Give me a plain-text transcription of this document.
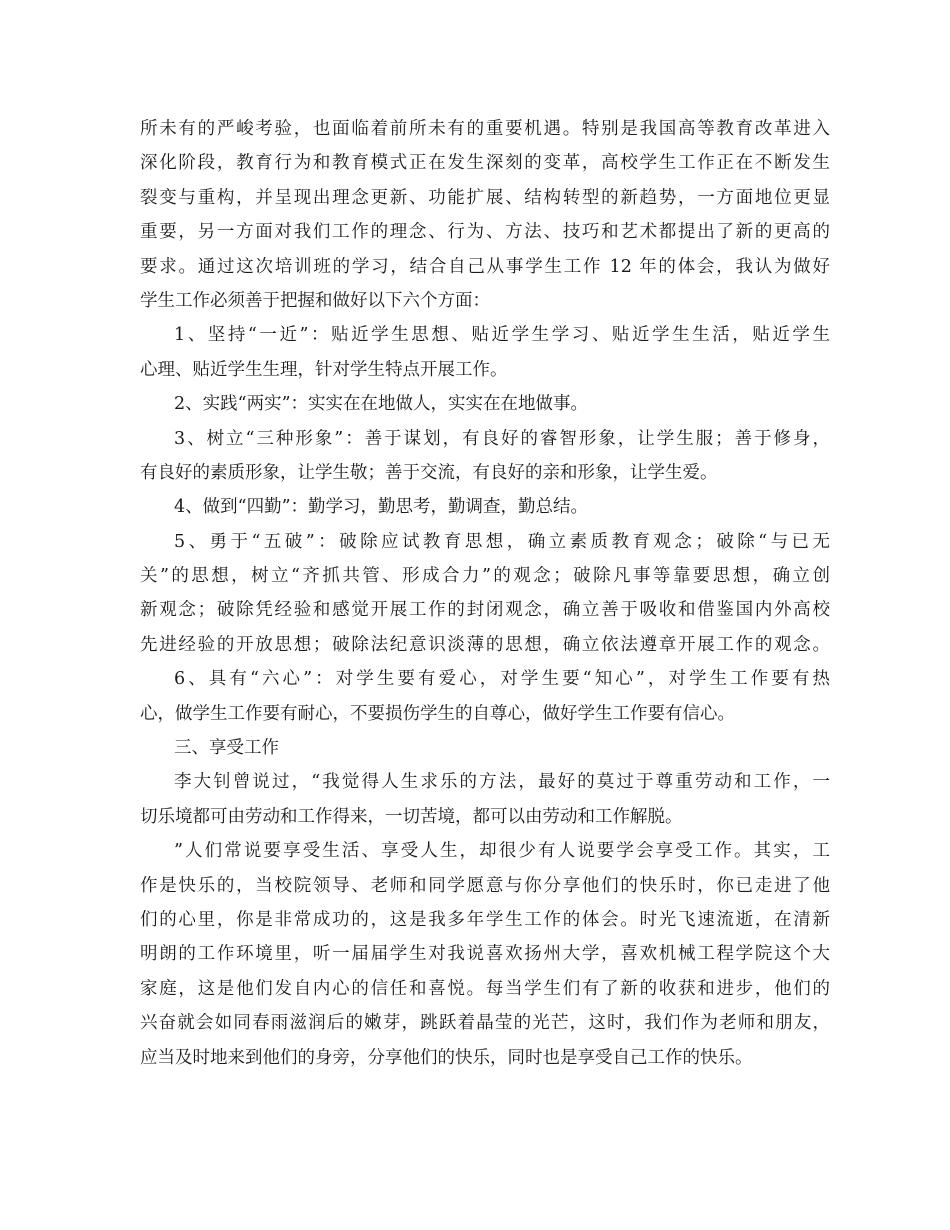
所未有的严峻考验，也面临着前所未有的重要机遇。特别是我国高等教育改革进入
深化阶段，教育行为和教育模式正在发生深刻的变革，高校学生工作正在不断发生
裂变与重构，并呈现出理念更新、功能扩展、结构转型的新趋势，一方面地位更显
重要，另一方面对我们工作的理念、行为、方法、技巧和艺术都提出了新的更高的
要求。通过这次培训班的学习，结合自己从事学生工作 12 年的体会，我认为做好
学生工作必须善于把握和做好以下六个方面：
1、坚持“一近”：贴近学生思想、贴近学生学习、贴近学生生活，贴近学生
心理、贴近学生生理，针对学生特点开展工作。
2、实践“两实”：实实在在地做人，实实在在地做事。
3、树立“三种形象”：善于谋划，有良好的睿智形象，让学生服；善于修身，
有良好的素质形象，让学生敬；善于交流，有良好的亲和形象，让学生爱。
4、做到“四勤”：勤学习，勤思考，勤调查，勤总结。
5、勇于“五破”：破除应试教育思想，确立素质教育观念；破除“与已无
关”的思想，树立“齐抓共管、形成合力”的观念；破除凡事等靠要思想，确立创
新观念；破除凭经验和感觉开展工作的封闭观念，确立善于吸收和借鉴国内外高校
先进经验的开放思想；破除法纪意识淡薄的思想，确立依法遵章开展工作的观念。
6、具有“六心”：对学生要有爱心，对学生要“知心”，对学生工作要有热
心，做学生工作要有耐心，不要损伤学生的自尊心，做好学生工作要有信心。
三、享受工作
李大钊曾说过，“我觉得人生求乐的方法，最好的莫过于尊重劳动和工作，一
切乐境都可由劳动和工作得来，一切苦境，都可以由劳动和工作解脱。
”人们常说要享受生活、享受人生，却很少有人说要学会享受工作。其实，工
作是快乐的，当校院领导、老师和同学愿意与你分享他们的快乐时，你已走进了他
们的心里，你是非常成功的，这是我多年学生工作的体会。时光飞速流逝，在清新
明朗的工作环境里，听一届届学生对我说喜欢扬州大学，喜欢机械工程学院这个大
家庭，这是他们发自内心的信任和喜悦。每当学生们有了新的收获和进步，他们的
兴奋就会如同春雨滋润后的嫩芽，跳跃着晶莹的光芒，这时，我们作为老师和朋友，
应当及时地来到他们的身旁，分享他们的快乐，同时也是享受自己工作的快乐。
